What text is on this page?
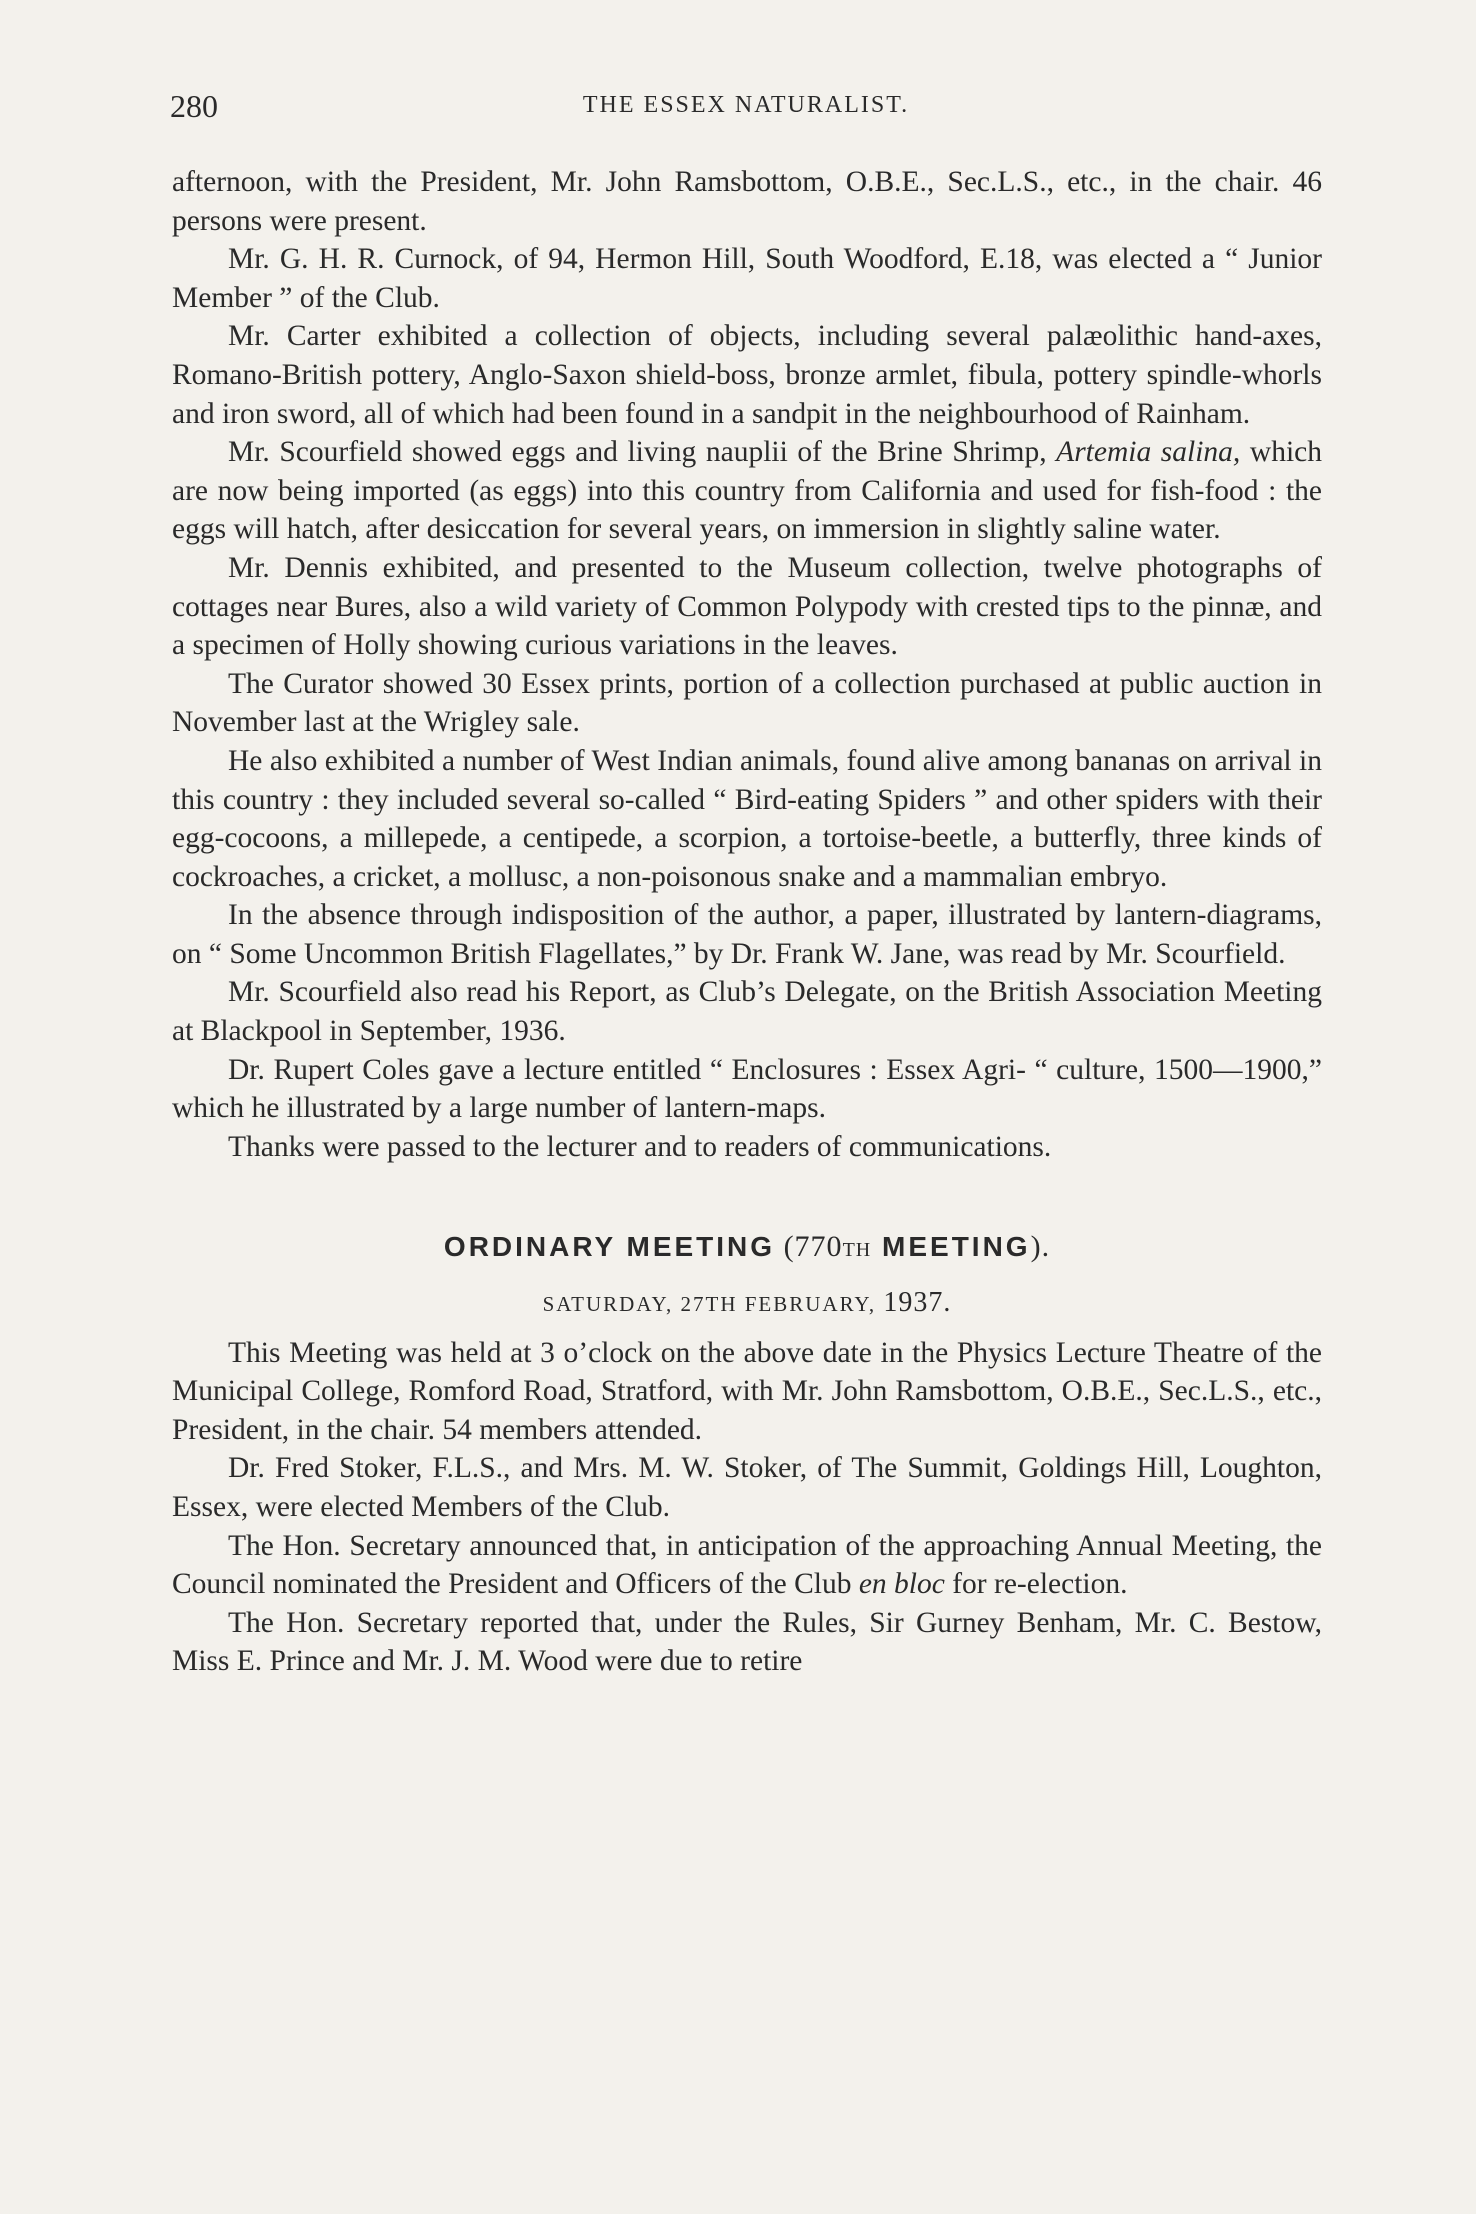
280	THE ESSEX NATURALIST.

afternoon, with the President, Mr. John Ramsbottom, O.B.E., Sec.L.S., etc., in the chair. 46 persons were present.

Mr. G. H. R. Curnock, of 94, Hermon Hill, South Woodford, E.18, was elected a “ Junior Member ” of the Club.

Mr. Carter exhibited a collection of objects, including several palæolithic hand-axes, Romano-British pottery, Anglo-Saxon shield-boss, bronze armlet, fibula, pottery spindle-whorls and iron sword, all of which had been found in a sandpit in the neighbourhood of Rainham.

Mr. Scourfield showed eggs and living nauplii of the Brine Shrimp, Artemia salina, which are now being imported (as eggs) into this country from California and used for fish-food : the eggs will hatch, after desiccation for several years, on immersion in slightly saline water.

Mr. Dennis exhibited, and presented to the Museum collection, twelve photographs of cottages near Bures, also a wild variety of Common Polypody with crested tips to the pinnæ, and a specimen of Holly showing curious variations in the leaves.

The Curator showed 30 Essex prints, portion of a collection purchased at public auction in November last at the Wrigley sale.

He also exhibited a number of West Indian animals, found alive among bananas on arrival in this country : they included several so-called “ Bird-eating Spiders ” and other spiders with their egg-cocoons, a millepede, a centipede, a scorpion, a tortoise-beetle, a butterfly, three kinds of cockroaches, a cricket, a mollusc, a non-poisonous snake and a mammalian embryo.

In the absence through indisposition of the author, a paper, illustrated by lantern-diagrams, on “ Some Uncommon British Flagellates,” by Dr. Frank W. Jane, was read by Mr. Scourfield.

Mr. Scourfield also read his Report, as Club’s Delegate, on the British Association Meeting at Blackpool in September, 1936.

Dr. Rupert Coles gave a lecture entitled “ Enclosures : Essex Agri- “ culture, 1500—1900,” which he illustrated by a large number of lantern-maps.

Thanks were passed to the lecturer and to readers of communications.

ORDINARY MEETING (770TH MEETING).
SATURDAY, 27TH FEBRUARY, 1937.

This Meeting was held at 3 o’clock on the above date in the Physics Lecture Theatre of the Municipal College, Romford Road, Stratford, with Mr. John Ramsbottom, O.B.E., Sec.L.S., etc., President, in the chair. 54 members attended.

Dr. Fred Stoker, F.L.S., and Mrs. M. W. Stoker, of The Summit, Goldings Hill, Loughton, Essex, were elected Members of the Club.

The Hon. Secretary announced that, in anticipation of the approaching Annual Meeting, the Council nominated the President and Officers of the Club en bloc for re-election.

The Hon. Secretary reported that, under the Rules, Sir Gurney Benham, Mr. C. Bestow, Miss E. Prince and Mr. J. M. Wood were due to retire
